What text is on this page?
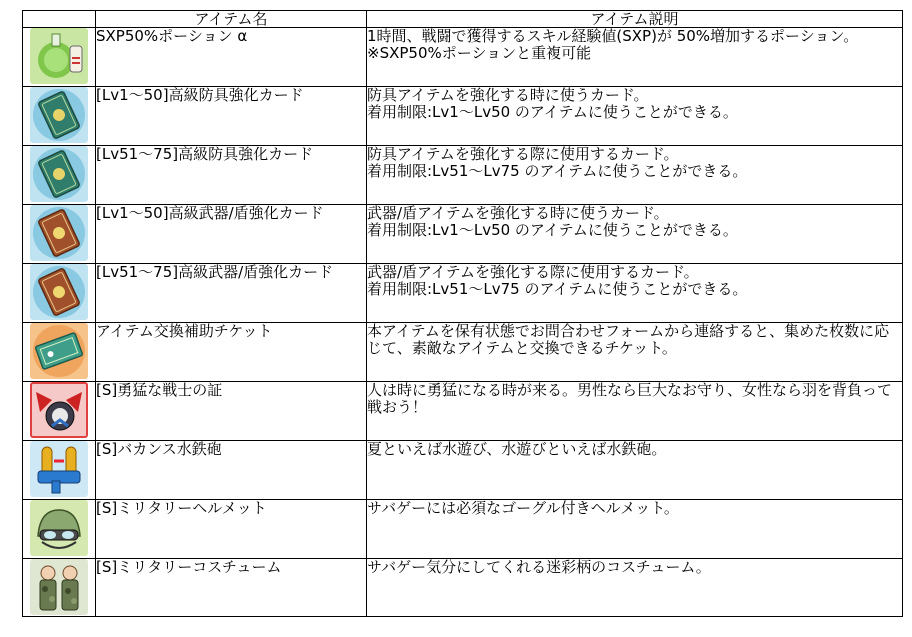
	アイテム名	アイテム説明

	SXP50%ポーション α	1時間、戦闘で獲得するスキル経験値(SXP)が 50%増加するポーション。※SXP50%ポーションと重複可能

	[Lv1～50]高級防具強化カード	防具アイテムを強化する時に使うカード。
着用制限:Lv1～Lv50 のアイテムに使うことができる。

	[Lv51～75]高級防具強化カード	防具アイテムを強化する際に使用するカード。
着用制限:Lv51～Lv75 のアイテムに使うことができる。

	[Lv1～50]高級武器/盾強化カード	武器/盾アイテムを強化する時に使うカード。
着用制限:Lv1～Lv50 のアイテムに使うことができる。

	[Lv51～75]高級武器/盾強化カード	武器/盾アイテムを強化する際に使用するカード。
着用制限:Lv51～Lv75 のアイテムに使うことができる。

	アイテム交換補助チケット	本アイテムを保有状態でお問合わせフォームから連絡すると、集めた枚数に応じて、素敵なアイテムと交換できるチケット。

	[S]勇猛な戦士の証	人は時に勇猛になる時が来る。男性なら巨大なお守り、女性なら羽を背負って戦おう！

	[S]バカンス水鉄砲	夏といえば水遊び、水遊びといえば水鉄砲。

	[S]ミリタリーヘルメット	サバゲーには必須なゴーグル付きヘルメット。

	[S]ミリタリーコスチューム	サバゲー気分にしてくれる迷彩柄のコスチューム。
